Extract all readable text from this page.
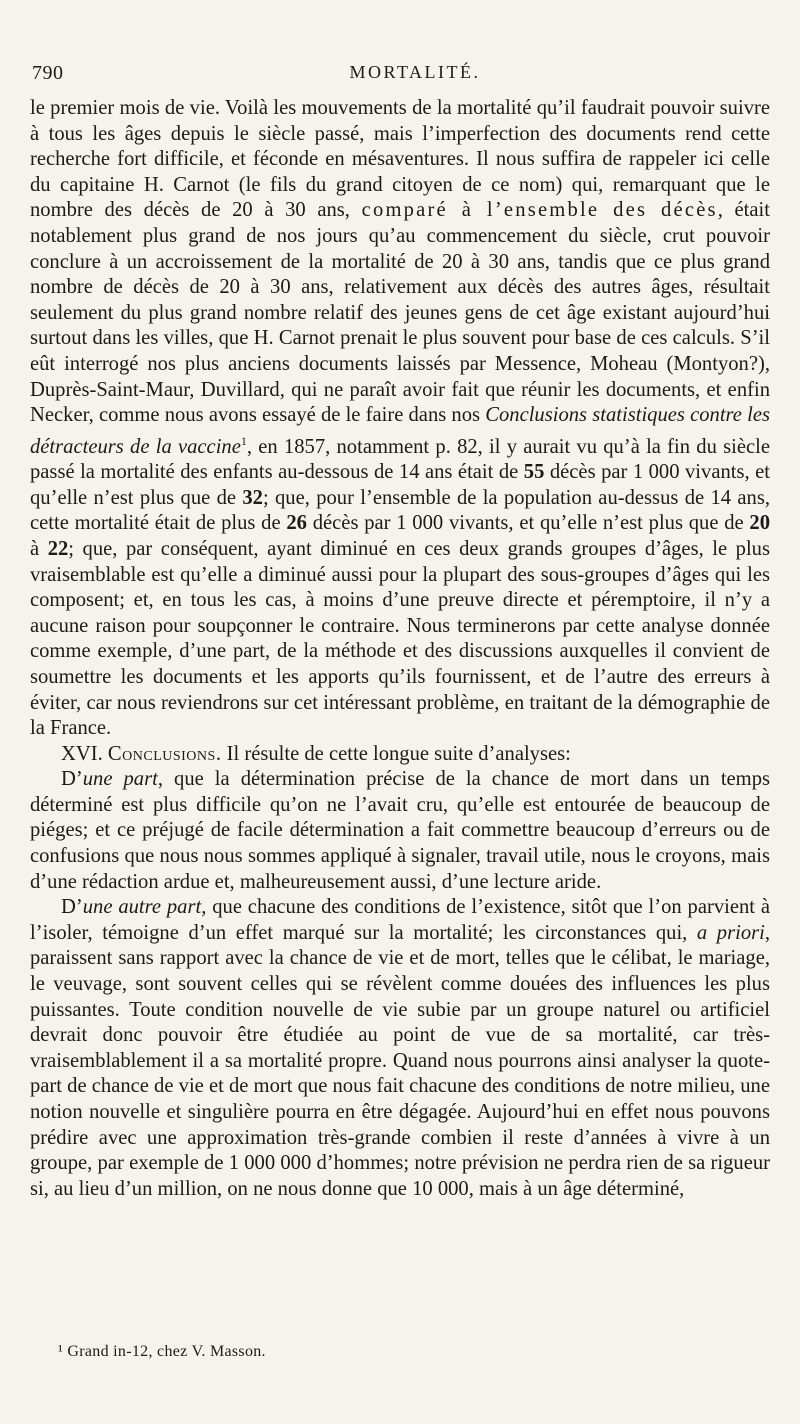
790	MORTALITÉ.

le premier mois de vie. Voilà les mouvements de la mortalité qu’il faudrait pouvoir suivre à tous les âges depuis le siècle passé, mais l’imperfection des documents rend cette recherche fort difficile, et féconde en mésaventures. Il nous suffira de rappeler ici celle du capitaine H. Carnot (le fils du grand citoyen de ce nom) qui, remarquant que le nombre des décès de 20 à 30 ans, comparé à l’ensemble des décès, était notablement plus grand de nos jours qu’au commencement du siècle, crut pouvoir conclure à un accroissement de la mortalité de 20 à 30 ans, tandis que ce plus grand nombre de décès de 20 à 30 ans, relativement aux décès des autres âges, résultait seulement du plus grand nombre relatif des jeunes gens de cet âge existant aujourd’hui surtout dans les villes, que H. Carnot prenait le plus souvent pour base de ces calculs. S’il eût interrogé nos plus anciens documents laissés par Messence, Moheau (Montyon?), Duprès-Saint-Maur, Duvillard, qui ne paraît avoir fait que réunir les documents, et enfin Necker, comme nous avons essayé de le faire dans nos Conclusions statistiques contre les détracteurs de la vaccine$^1$, en 1857, notamment p. 82, il y aurait vu qu’à la fin du siècle passé la mortalité des enfants au-dessous de 14 ans était de 55 décès par 1 000 vivants, et qu’elle n’est plus que de 32; que, pour l’ensemble de la population au-dessus de 14 ans, cette mortalité était de plus de 26 décès par 1 000 vivants, et qu’elle n’est plus que de 20 à 22; que, par conséquent, ayant diminué en ces deux grands groupes d’âges, le plus vraisemblable est qu’elle a diminué aussi pour la plupart des sous-groupes d’âges qui les composent; et, en tous les cas, à moins d’une preuve directe et péremptoire, il n’y a aucune raison pour soupçonner le contraire. Nous terminerons par cette analyse donnée comme exemple, d’une part, de la méthode et des discussions auxquelles il convient de soumettre les documents et les apports qu’ils fournissent, et de l’autre des erreurs à éviter, car nous reviendrons sur cet intéressant problème, en traitant de la démographie de la France.

XVI. Conclusions. Il résulte de cette longue suite d’analyses:

D’une part, que la détermination précise de la chance de mort dans un temps déterminé est plus difficile qu’on ne l’avait cru, qu’elle est entourée de beaucoup de piéges; et ce préjugé de facile détermination a fait commettre beaucoup d’erreurs ou de confusions que nous nous sommes appliqué à signaler, travail utile, nous le croyons, mais d’une rédaction ardue et, malheureusement aussi, d’une lecture aride.

D’une autre part, que chacune des conditions de l’existence, sitôt que l’on parvient à l’isoler, témoigne d’un effet marqué sur la mortalité; les circonstances qui, a priori, paraissent sans rapport avec la chance de vie et de mort, telles que le célibat, le mariage, le veuvage, sont souvent celles qui se révèlent comme douées des influences les plus puissantes. Toute condition nouvelle de vie subie par un groupe naturel ou artificiel devrait donc pouvoir être étudiée au point de vue de sa mortalité, car très-vraisemblablement il a sa mortalité propre. Quand nous pourrons ainsi analyser la quote-part de chance de vie et de mort que nous fait chacune des conditions de notre milieu, une notion nouvelle et singulière pourra en être dégagée. Aujourd’hui en effet nous pouvons prédire avec une approximation très-grande combien il reste d’années à vivre à un groupe, par exemple de 1 000 000 d’hommes; notre prévision ne perdra rien de sa rigueur si, au lieu d’un million, on ne nous donne que 10 000, mais à un âge déterminé,

¹ Grand in-12, chez V. Masson.
